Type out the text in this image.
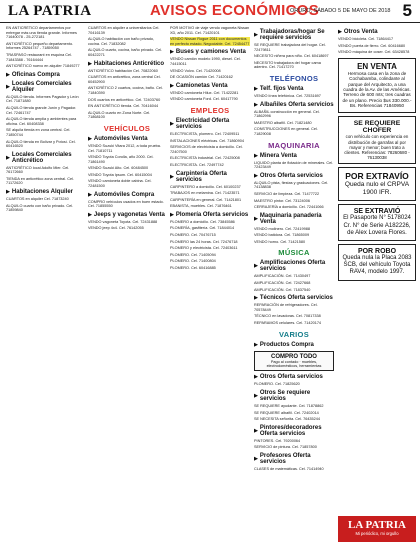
LA PATRIA	AVISOS ECONÓMICOS
ORURO, SÁBADO 5 DE MAYO DE 2018 5
EN ANTICRÉTICO departamentos por entregar más una tienda grande. Informes 71640078 - 25-272181
ANTICRÉTICO pequeño departamento. Informes 25264747 - 71859050
TRASPASO restaurant en esquina Cel. 71843388 - 76164444
ANTICRÉTICO nuevo en alquiler 71849277
▶ Oficinas Compra
▶ Locales Comerciales Alquiler
ALQUILO tienda. Informes Pagador y León Cel. 71871880
ALQUILO tienda grande Junín y Pagador. Cel. 72461747
ALQUILO tienda amplia y ambientes para oficina. Cel. 60408338
SE alquila tienda en zona central. Cel. 71850744
ALQUILO tienda en Bolívar y Potosí. Cel. 60416520
▶ Locales Comerciales Anticrético
ANTICRÉTICO local Adolfo Mier. Cel. 76172660
TIENDA en anticrético zona central. Cel. 71172620
▶ Habitaciones Alquiler
CUARTOS en alquiler Cel. 71873240
ALQUILO cuarto con baño privado. Cel. 71859840
CUARTOS en alquiler a universitarios Cel. 70416139
ALQUILO habitación con baño privado, cocina. Cel. 71832082
ALQUILO cuarto, cocina, baño privado. Cel. 60422271
▶ Habitaciones Anticrético
ANTICRÉTICO habitación Cel. 70822060
CUARTOS en anticrético, zona central Cel. 60452900
ANTICRÉTICO 2 cuartos, cocina, baño. Cel. 71840390
DOS cuartos en anticrético. Cel. 72403760
EN ANTICRÉTICO tienda. Cel. 70416044
ALQUILO cuarto en Zona Norte. Cel. 71868100
VEHÍCULOS
▶ Automóviles Venta
VENDO Suzuki Vitara 2012, a toda prueba. Cel. 71810711
VENDO Toyota Corolla, año 2000. Cel. 71861490
VENDO Suzuki Alto. Cel. 60484500
VENDO Toyota Ipsum. Cel. 60415004
VENDO camioneta doble cabina. Cel. 72481500
▶ Automóviles Compra
COMPRO vehículos usados en buen estado. Cel. 71855550
▶ Jeeps y vagonetas Venta
VENDO vagoneta Toyota. Cel. 72431888
VENDO jeep 4x4. Cel. 76142055
POR MOTIVO de viaje vendo vagoneta Nissan XD, año 2011. Cel. 71420101
VENDO Nissan Rogue 2011 con documentos en perfecto estado. Negociable. Cel. 72454477
▶ Buses y camiones Venta
VENDO camión modelo 1990, diesel. Cel. 74415011
VENDO Volvo. Cel. 71420008
DE OCASIÓN camión Cel. 71420162
▶ Camionetas Venta
VENDO camioneta Hilux. Cel. 71422281
VENDO camioneta Ford. Cel. 60417790
EMPLEOS
▶ Electricidad Oferta servicios
ELECTRICISTA, plomero. Cel. 72409511
INSTALACIONES eléctricas. Cel. 71860904
SERVICIOS de electricista a domicilio. Cel. 72407500
ELECTRICISTA industrial. Cel. 72425008
ELECTRICISTA. Cel. 72497742
▶ Carpintería Oferta servicios
CARPINTERO a domicilio. Cel. 60100237
TRABAJOS en melamina. Cel. 71423571
CARPINTERÍA en general. Cel. 71421801
EBANISTA, muebles. Cel. 71876461
▶ Plomería Oferta servicios
PLOMERO a domicilio. Cel. 73845586
PLOMERÍA, gasfitería. Cel. 71844014
PLOMERO. Cel. 70476715
PLOMERO las 24 horas. Cel. 72476718
PLOMERO y electricista. Cel. 72403611
PLOMERO. Cel. 71405094
PLOMERO. Cel. 71400804
PLOMERO. Cel. 60416885
▶ Trabajadoras/hogar Se requiere servicios
SE REQUIERE trabajadora del hogar. Cel. 72479811
NECESITO niñera para niño. Cel. 60418697
NECESITO trabajadora del hogar cama adentro. Cel. 71417270
TELÉFONOS
▶ Telf. fijos Venta
VENDO línea telefónica. Cel. 72531697
▶ Albañiles Oferta servicios
ALBAÑIL construcción en general. Cel. 71862996
MAESTRO albañil. Cel. 71821480
CONSTRUCCIONES en general. Cel. 71829008
MAQUINARIA
▶ Minera Venta
LIQUIDO planta de flotación de minerales. Cel. 72423449
▶ Otros Oferta servicios
ALQUILO pista, fiestas y graduaciones. Cel. 74138838
SERVICIO de limpieza. Cel. 71477722
MAESTRO pintor. Cel. 73124006
CERRAJERÍA a domicilio. Cel. 72441066
▶ Maquinaria panadería Venta
VENDO molinero. Cel. 72419988
VENDO batidora. Cel. 71865009
VENDO horno. Cel. 71421580
MÚSICA
▶ Amplificaciones Oferta servicios
AMPLIFICACIÓN. Cel. 71430497
AMPLIFICACIÓN. Cel. 72427668
AMPLIFICACIÓN. Cel. 71837540
▶ Técnicos Oferta servicios
REPARACIÓN de refrigeradores. Cel. 70578449
TÉCNICO en lavadoras. Cel. 70817338
REPARAMOS celulares. Cel. 71420174
VARIOS
▶ Productos Compra
COMPRO TODO
Pago al contado · muebles, electrodomésticos, herramientas
▶ Otros Oferta servicios
PLOMERO. Cel. 71825620
▶ Otros Se requiere servicios
SE REQUIERE ayudante. Cel. 71878862
SE REQUIERE albañil. Cel. 72402014
SE NECESITA señorita. Cel. 76435244
▶ Pintores/decoradores Oferta servicios
PINTORES. Cel. 79200064
SERVICIO de pintura. Cel. 71857800
▶ Profesores Oferta servicios
CLASES de matemáticas. Cel. 71414940
▶ Otros Venta
VENDO bicicleta. Cel. 71864417
VENDO puerta de fierro. Cel. 60416680
VENDO máquina de coser. Cel. 63428578
EN VENTA
Hermosa casa en la zona de Cochabamba, colindante al parque del Arquitecto, a una cuadra de la Av. de las Américas. Terreno de 600 mts; tres cuadras de un plano. Precio $us 330.000.- Bs. Referencias 71840950
SE REQUIERE CHOFER
con vehículo con experiencia en distribución de garrafas al por mayor y menor; buen trato a clientes. Referencias: 78260680 - 76130038
POR EXTRAVÍO
Queda nulo el CRPVA 1900 IFR.
SE EXTRAVIÓ
El Pasaporte N° 5178024 Cr. N° de Serie A182226, de Alex Lovera Flores.
POR ROBO
Queda nula la Placa 2083 SCB, del vehículo Toyota RAV4, modelo 1997.
LA PATRIA
Mi periódico, mi orgullo
